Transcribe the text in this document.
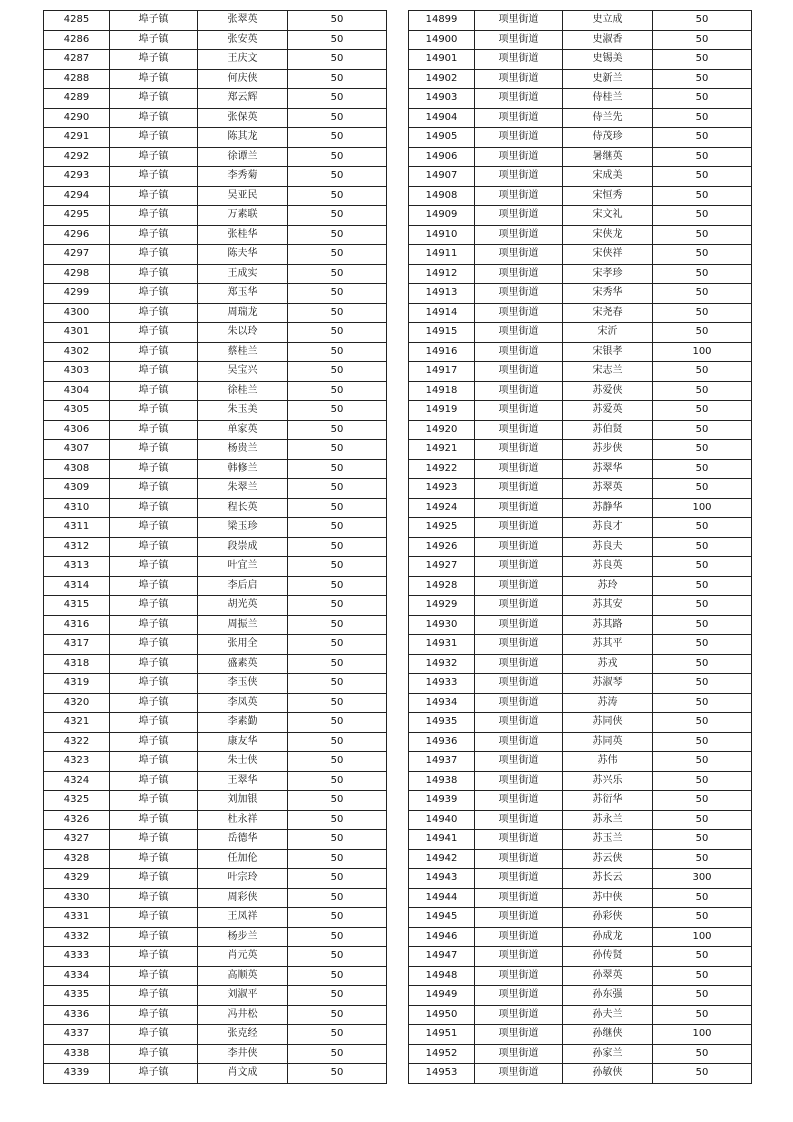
4285	埠子镇	张翠英	50
4286	埠子镇	张安英	50
4287	埠子镇	王庆文	50
4288	埠子镇	何庆侠	50
4289	埠子镇	郑云辉	50
4290	埠子镇	张保英	50
4291	埠子镇	陈其龙	50
4292	埠子镇	徐谭兰	50
4293	埠子镇	李秀菊	50
4294	埠子镇	吴亚民	50
4295	埠子镇	万素联	50
4296	埠子镇	张桂华	50
4297	埠子镇	陈夫华	50
4298	埠子镇	王成实	50
4299	埠子镇	郑玉华	50
4300	埠子镇	周瑞龙	50
4301	埠子镇	朱以玲	50
4302	埠子镇	蔡桂兰	50
4303	埠子镇	吴宝兴	50
4304	埠子镇	徐桂兰	50
4305	埠子镇	朱玉美	50
4306	埠子镇	单家英	50
4307	埠子镇	杨贵兰	50
4308	埠子镇	韩修兰	50
4309	埠子镇	朱翠兰	50
4310	埠子镇	程长英	50
4311	埠子镇	梁玉珍	50
4312	埠子镇	段崇成	50
4313	埠子镇	叶宜兰	50
4314	埠子镇	李后启	50
4315	埠子镇	胡光英	50
4316	埠子镇	周振兰	50
4317	埠子镇	张用全	50
4318	埠子镇	盛素英	50
4319	埠子镇	李玉侠	50
4320	埠子镇	李凤英	50
4321	埠子镇	李素勤	50
4322	埠子镇	康友华	50
4323	埠子镇	朱士侠	50
4324	埠子镇	王翠华	50
4325	埠子镇	刘加银	50
4326	埠子镇	杜永祥	50
4327	埠子镇	岳德华	50
4328	埠子镇	任加伦	50
4329	埠子镇	叶宗玲	50
4330	埠子镇	周彩侠	50
4331	埠子镇	王凤祥	50
4332	埠子镇	杨步兰	50
4333	埠子镇	肖元英	50
4334	埠子镇	高顺英	50
4335	埠子镇	刘淑平	50
4336	埠子镇	冯井松	50
4337	埠子镇	张克经	50
4338	埠子镇	李井侠	50
4339	埠子镇	肖文成	50
14899	项里街道	史立成	50
14900	项里街道	史淑香	50
14901	项里街道	史锡美	50
14902	项里街道	史新兰	50
14903	项里街道	侍桂兰	50
14904	项里街道	侍兰先	50
14905	项里街道	侍茂珍	50
14906	项里街道	暑继英	50
14907	项里街道	宋成美	50
14908	项里街道	宋恒秀	50
14909	项里街道	宋文礼	50
14910	项里街道	宋侠龙	50
14911	项里街道	宋侠祥	50
14912	项里街道	宋孝珍	50
14913	项里街道	宋秀华	50
14914	项里街道	宋尧春	50
14915	项里街道	宋沂	50
14916	项里街道	宋银孝	100
14917	项里街道	宋志兰	50
14918	项里街道	苏爱侠	50
14919	项里街道	苏爱英	50
14920	项里街道	苏伯贤	50
14921	项里街道	苏步侠	50
14922	项里街道	苏翠华	50
14923	项里街道	苏翠英	50
14924	项里街道	苏静华	100
14925	项里街道	苏良才	50
14926	项里街道	苏良夫	50
14927	项里街道	苏良英	50
14928	项里街道	苏玲	50
14929	项里街道	苏其安	50
14930	项里街道	苏其路	50
14931	项里街道	苏其平	50
14932	项里街道	苏戎	50
14933	项里街道	苏淑琴	50
14934	项里街道	苏涛	50
14935	项里街道	苏同侠	50
14936	项里街道	苏同英	50
14937	项里街道	苏伟	50
14938	项里街道	苏兴乐	50
14939	项里街道	苏衍华	50
14940	项里街道	苏永兰	50
14941	项里街道	苏玉兰	50
14942	项里街道	苏云侠	50
14943	项里街道	苏长云	300
14944	项里街道	苏中侠	50
14945	项里街道	孙彩侠	50
14946	项里街道	孙成龙	100
14947	项里街道	孙传贤	50
14948	项里街道	孙翠英	50
14949	项里街道	孙东强	50
14950	项里街道	孙夫兰	50
14951	项里街道	孙继侠	100
14952	项里街道	孙家兰	50
14953	项里街道	孙敏侠	50
